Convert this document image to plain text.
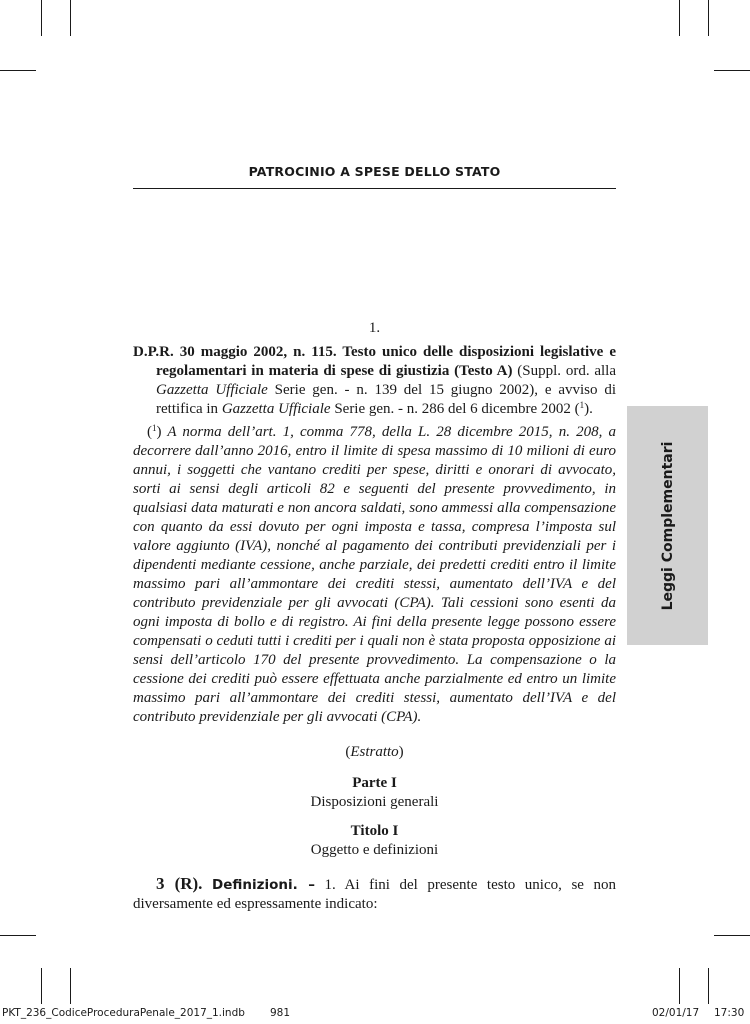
PATROCINIO A SPESE DELLO STATO
Leggi Complementari

1.

D.P.R. 30 maggio 2002, n. 115. Testo unico delle disposizioni legislative e regolamentari in materia di spese di giustizia (Testo A) (Suppl. ord. alla Gazzetta Ufficiale Serie gen. - n. 139 del 15 giugno 2002), e avviso di rettifica in Gazzetta Ufficiale Serie gen. - n. 286 del 6 dicembre 2002 ($^1$).

($^1$) A norma dell’art. 1, comma 778, della L. 28 dicembre 2015, n. 208, a decorrere dall’anno 2016, entro il limite di spesa massimo di 10 milioni di euro annui, i soggetti che vantano crediti per spese, diritti e onorari di avvocato, sorti ai sensi degli articoli 82 e seguenti del presente provvedimento, in qualsiasi data maturati e non ancora saldati, sono ammessi alla compensazione con quanto da essi dovuto per ogni imposta e tassa, compresa l’imposta sul valore aggiunto (IVA), nonché al pagamento dei contributi previdenziali per i dipendenti mediante cessione, anche parziale, dei predetti crediti entro il limite massimo pari all’ammontare dei crediti stessi, aumentato dell’IVA e del contributo previdenziale per gli avvocati (CPA). Tali cessioni sono esenti da ogni imposta di bollo e di registro. Ai fini della presente legge possono essere compensati o ceduti tutti i crediti per i quali non è stata proposta opposizione ai sensi dell’articolo 170 del presente provvedimento. La compensazione o la cessione dei crediti può essere effettuata anche parzialmente ed entro un limite massimo pari all’ammontare dei crediti stessi, aumentato dell’IVA e del contributo previdenziale per gli avvocati (CPA).

(Estratto)

Parte I

Disposizioni generali

Titolo I

Oggetto e definizioni

3 (R). Definizioni. – 1. Ai fini del presente testo unico, se non diversamente ed espressamente indicato:

PKT_236_CodiceProceduraPenale_2017_1.indb 981	02/01/17 17:30
